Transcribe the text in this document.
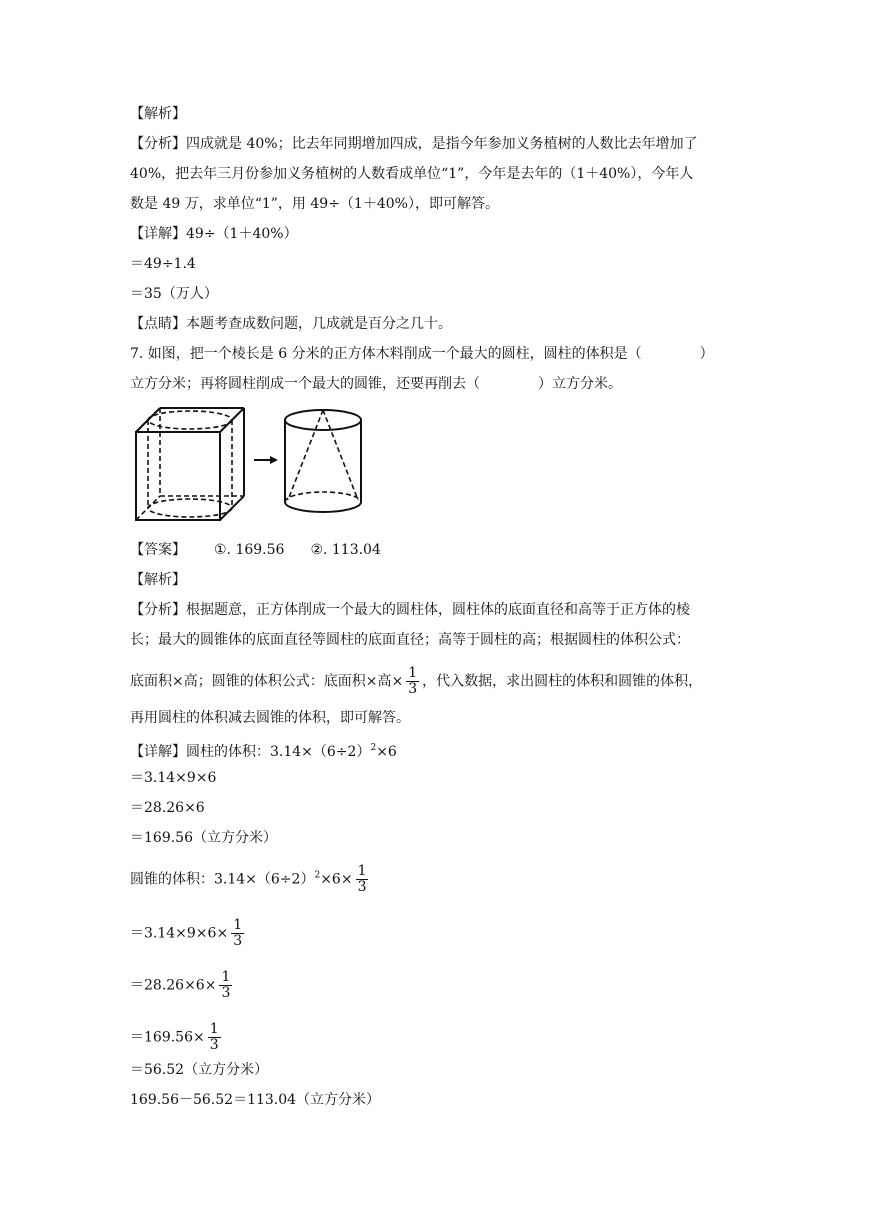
【解析】
【分析】四成就是 40%；比去年同期增加四成，是指今年参加义务植树的人数比去年增加了
40%，把去年三月份参加义务植树的人数看成单位“1”，今年是去年的（1＋40%），今年人
数是 49 万，求单位“1”，用 49÷（1＋40%），即可解答。
【详解】49÷（1＋40%）
＝49÷1.4
＝35（万人）
【点睛】本题考查成数问题，几成就是百分之几十。
7. 如图，把一个棱长是 6 分米的正方体木料削成一个最大的圆柱，圆柱的体积是（	）
立方分米；再将圆柱削成一个最大的圆锥，还要再削去（	）立方分米。
【答案】 ①. 169.56 ②. 113.04
【解析】
【分析】根据题意，正方体削成一个最大的圆柱体，圆柱体的底面直径和高等于正方体的棱
长；最大的圆锥体的底面直径等圆柱的底面直径；高等于圆柱的高；根据圆柱的体积公式：
底面积×高；圆锥的体积公式：底面积×高× $\frac{1}{3}$ ，代入数据，求出圆柱的体积和圆锥的体积，
再用圆柱的体积减去圆锥的体积，即可解答。
【详解】圆柱的体积：$3.14\times(6\div 2)^2\times 6$
＝3.14×9×6
＝28.26×6
＝169.56（立方分米）
圆锥的体积：$3.14\times(6\div 2)^2\times 6\times \frac{1}{3}$
$=3.14\times 9\times 6\times \frac{1}{3}$
$=28.26\times 6\times \frac{1}{3}$
$=169.56\times \frac{1}{3}$
＝56.52（立方分米）
169.56－56.52＝113.04（立方分米）
